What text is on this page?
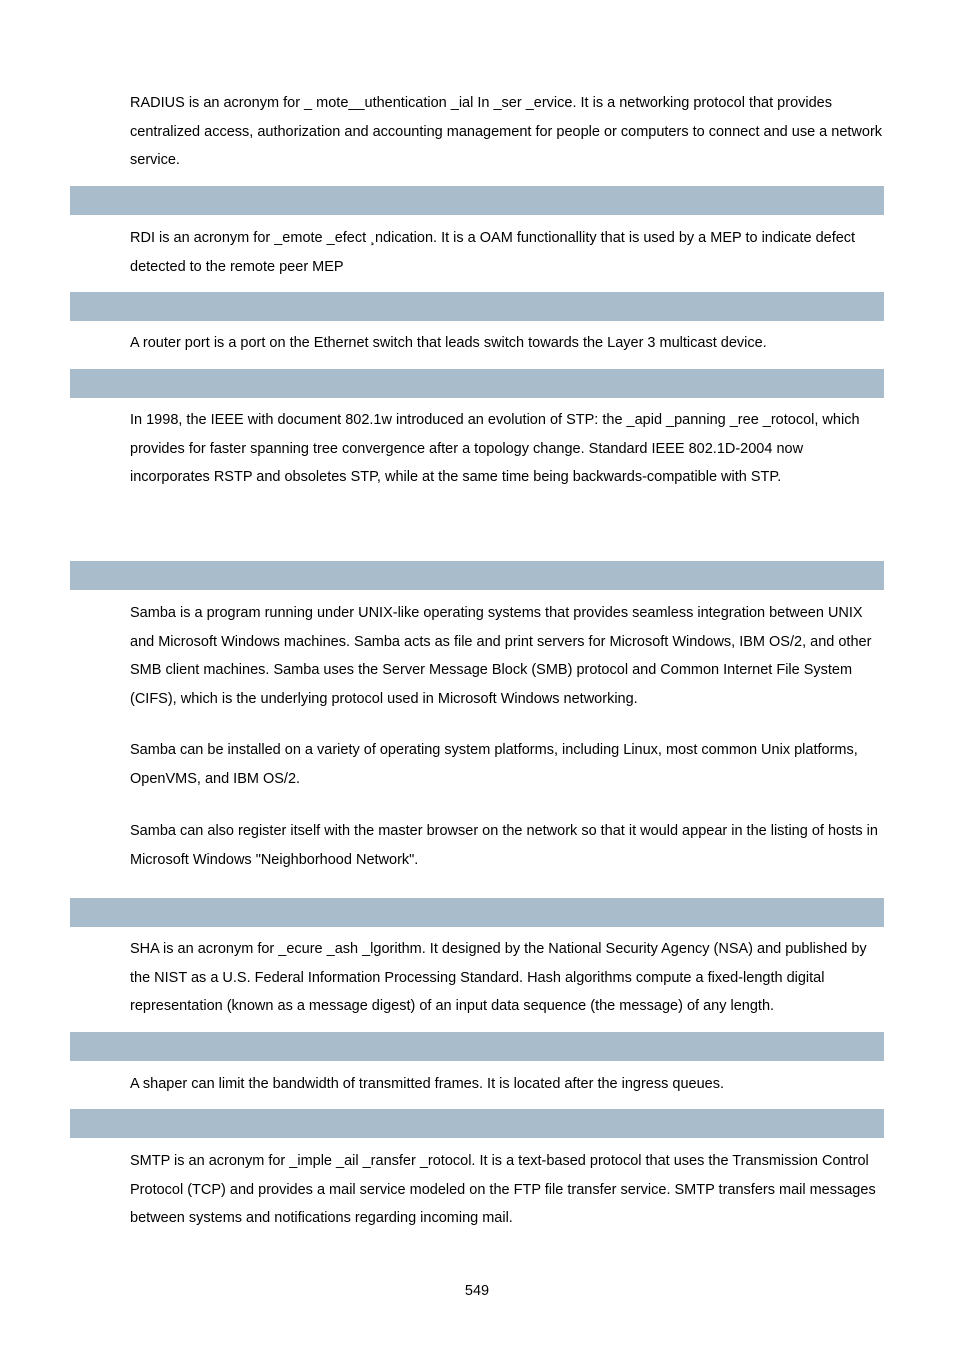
RADIUS is an acronym for _ mote__uthentication _ial In _ser _ervice. It is a networking protocol that provides centralized access, authorization and accounting management for people or computers to connect and use a network service.

RDI is an acronym for _emote _efect ¸ndication. It is a OAM functionallity that is used by a MEP to indicate defect detected to the remote peer MEP

A router port is a port on the Ethernet switch that leads switch towards the Layer 3 multicast device.

In 1998, the IEEE with document 802.1w introduced an evolution of STP: the _apid _panning _ree _rotocol, which provides for faster spanning tree convergence after a topology change. Standard IEEE 802.1D-2004 now incorporates RSTP and obsoletes STP, while at the same time being backwards-compatible with STP.

Samba is a program running under UNIX-like operating systems that provides seamless integration between UNIX and Microsoft Windows machines. Samba acts as file and print servers for Microsoft Windows, IBM OS/2, and other SMB client machines. Samba uses the Server Message Block (SMB) protocol and Common Internet File System (CIFS), which is the underlying protocol used in Microsoft Windows networking.

Samba can be installed on a variety of operating system platforms, including Linux, most common Unix platforms, OpenVMS, and IBM OS/2.

Samba can also register itself with the master browser on the network so that it would appear in the listing of hosts in Microsoft Windows "Neighborhood Network".

SHA is an acronym for _ecure _ash _lgorithm. It designed by the National Security Agency (NSA) and published by the NIST as a U.S. Federal Information Processing Standard. Hash algorithms compute a fixed-length digital representation (known as a message digest) of an input data sequence (the message) of any length.

A shaper can limit the bandwidth of transmitted frames. It is located after the ingress queues.

SMTP is an acronym for _imple _ail _ransfer _rotocol. It is a text-based protocol that uses the Transmission Control Protocol (TCP) and provides a mail service modeled on the FTP file transfer service. SMTP transfers mail messages between systems and notifications regarding incoming mail.

549
